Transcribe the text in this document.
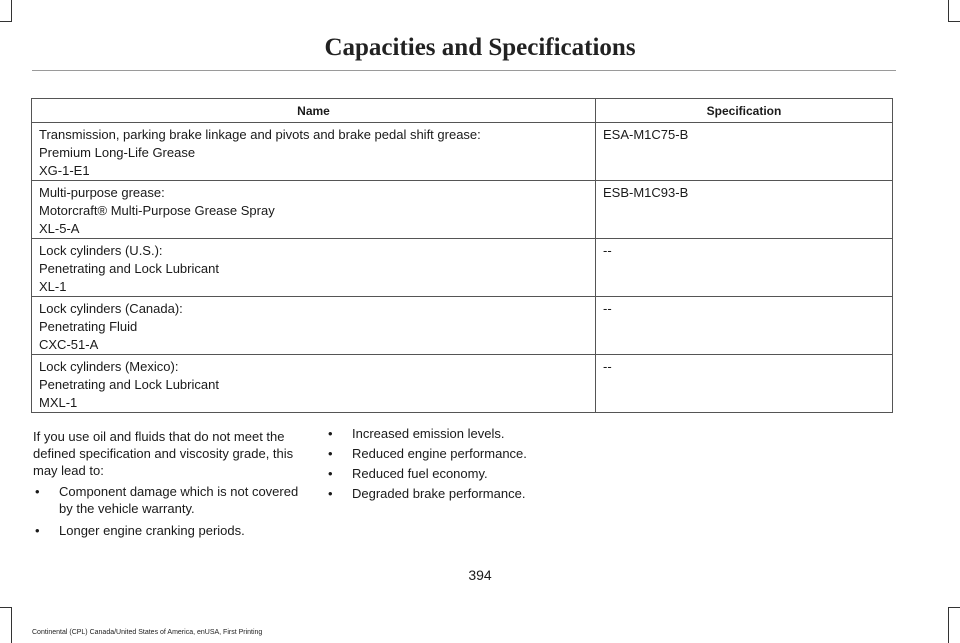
Capacities and Specifications
Name	Specification

Transmission, parking brake linkage and pivots and brake pedal shift grease:
Premium Long-Life Grease
XG-1-E1	ESA-M1C75-B

Multi-purpose grease:
Motorcraft® Multi-Purpose Grease Spray
XL-5-A	ESB-M1C93-B

Lock cylinders (U.S.):
Penetrating and Lock Lubricant
XL-1	--

Lock cylinders (Canada):
Penetrating Fluid
CXC-51-A	--

Lock cylinders (Mexico):
Penetrating and Lock Lubricant
MXL-1	--

If you use oil and fluids that do not meet the defined specification and viscosity grade, this may lead to:

• Component damage which is not covered by the vehicle warranty.
• Longer engine cranking periods.
• Increased emission levels.
• Reduced engine performance.
• Reduced fuel economy.
• Degraded brake performance.
394
Continental (CPL) Canada/United States of America, enUSA, First Printing
